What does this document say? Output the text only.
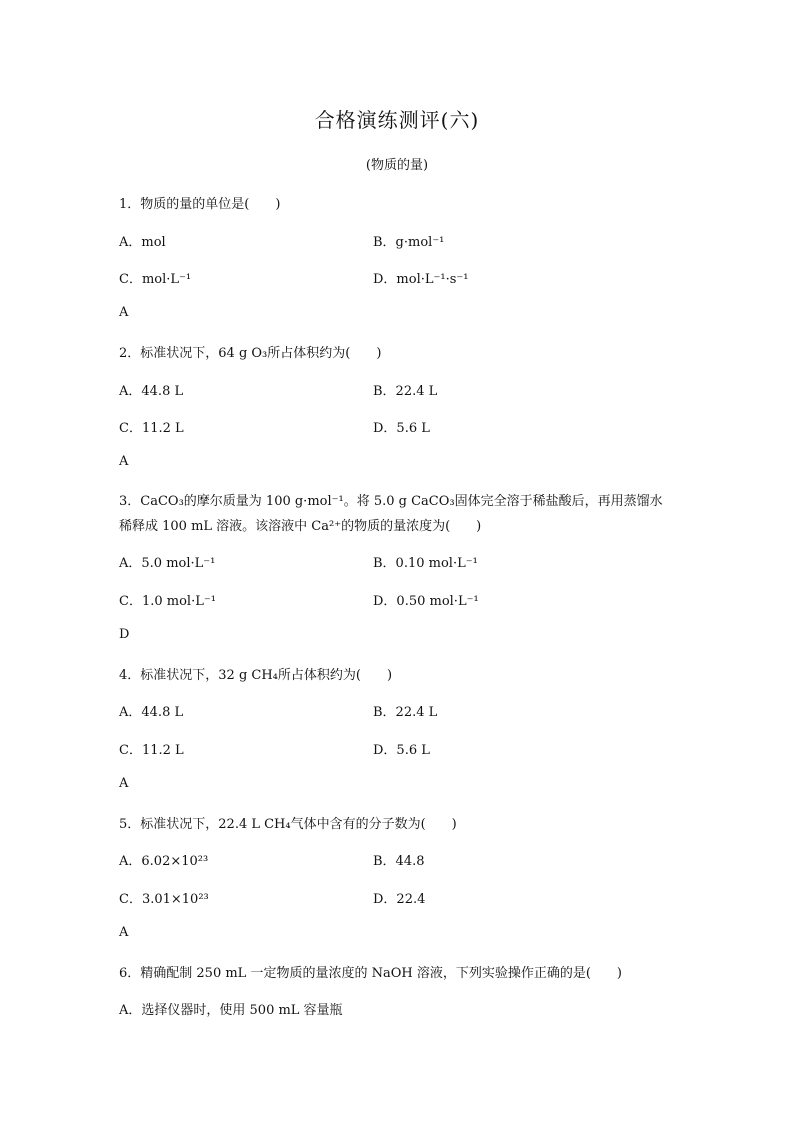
合格演练测评(六)
(物质的量)
1．物质的量的单位是(　　)
A．mol	B．g·mol⁻¹
C．mol·L⁻¹	D．mol·L⁻¹·s⁻¹
A
2．标准状况下，64 g O₃所占体积约为(　　)
A．44.8 L	B．22.4 L
C．11.2 L	D．5.6 L
A
3．CaCO₃的摩尔质量为 100 g·mol⁻¹。将 5.0 g CaCO₃固体完全溶于稀盐酸后，再用蒸馏水
稀释成 100 mL 溶液。该溶液中 Ca²⁺的物质的量浓度为(　　)
A．5.0 mol·L⁻¹	B．0.10 mol·L⁻¹
C．1.0 mol·L⁻¹	D．0.50 mol·L⁻¹
D
4．标准状况下，32 g CH₄所占体积约为(　　)
A．44.8 L	B．22.4 L
C．11.2 L	D．5.6 L
A
5．标准状况下，22.4 L CH₄气体中含有的分子数为(　　)
A．6.02×10²³	B．44.8
C．3.01×10²³	D．22.4
A
6．精确配制 250 mL 一定物质的量浓度的 NaOH 溶液，下列实验操作正确的是(　　)
A．选择仪器时，使用 500 mL 容量瓶
